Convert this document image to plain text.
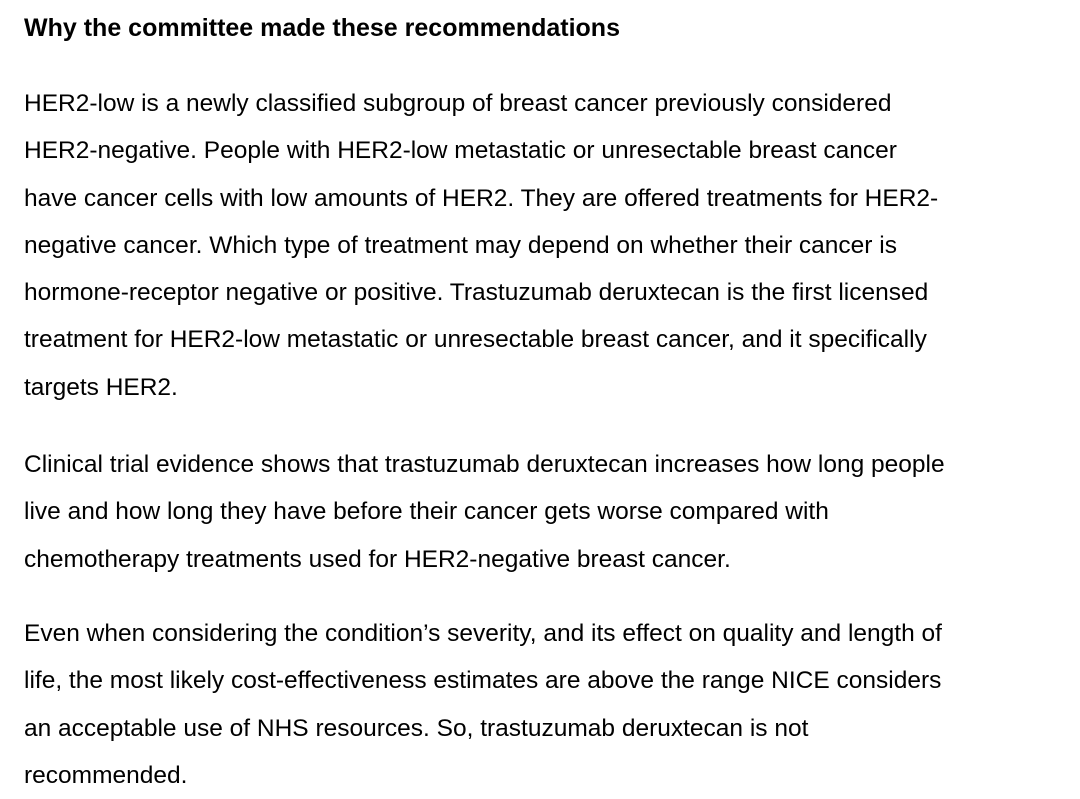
Why the committee made these recommendations

HER2-low is a newly classified subgroup of breast cancer previously considered
HER2-negative. People with HER2-low metastatic or unresectable breast cancer
have cancer cells with low amounts of HER2. They are offered treatments for HER2-
negative cancer. Which type of treatment may depend on whether their cancer is
hormone-receptor negative or positive. Trastuzumab deruxtecan is the first licensed
treatment for HER2-low metastatic or unresectable breast cancer, and it specifically
targets HER2.

Clinical trial evidence shows that trastuzumab deruxtecan increases how long people
live and how long they have before their cancer gets worse compared with
chemotherapy treatments used for HER2-negative breast cancer.

Even when considering the condition’s severity, and its effect on quality and length of
life, the most likely cost-effectiveness estimates are above the range NICE considers
an acceptable use of NHS resources. So, trastuzumab deruxtecan is not
recommended.
